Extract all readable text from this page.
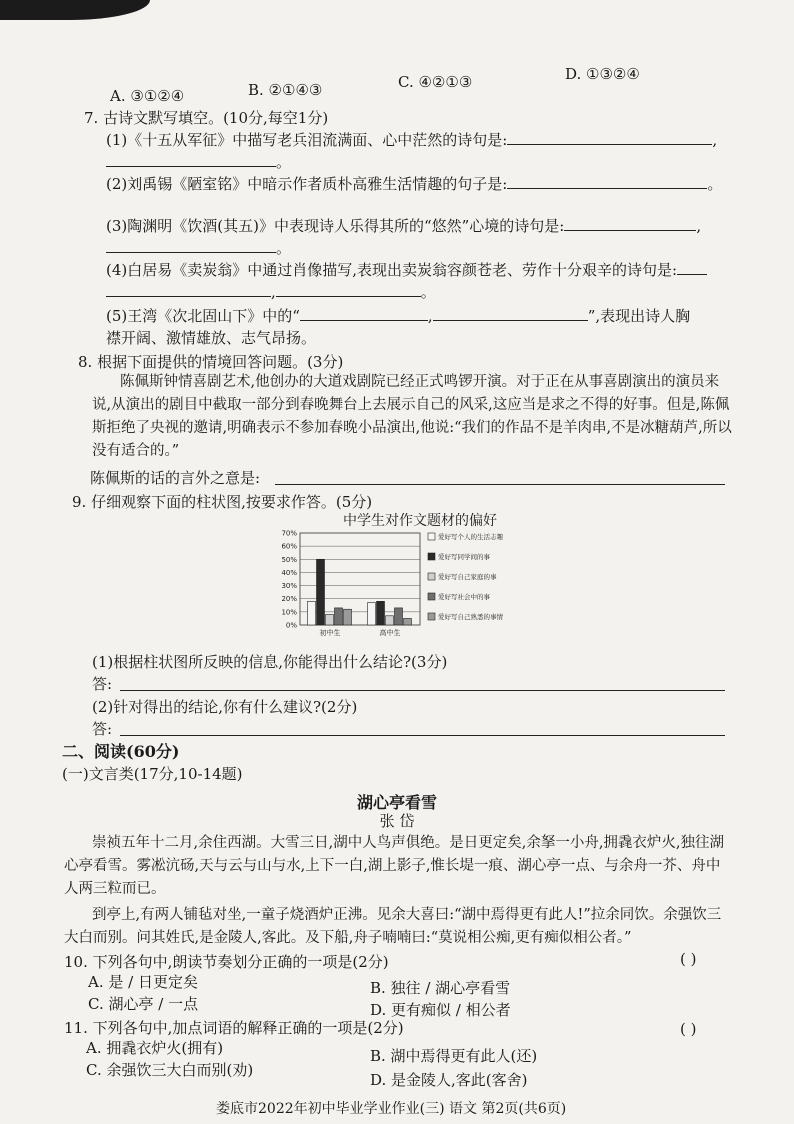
A. ③①②④	B. ②①④③	C. ④②①③	D. ①③②④
7. 古诗文默写填空。(10分,每空1分)
(1)《十五从军征》中描写老兵泪流满面、心中茫然的诗句是:	,
。
(2)刘禹锡《陋室铭》中暗示作者质朴高雅生活情趣的句子是:	。
(3)陶渊明《饮酒(其五)》中表现诗人乐得其所的“悠然”心境的诗句是:	,
。
(4)白居易《卖炭翁》中通过肖像描写,表现出卖炭翁容颜苍老、劳作十分艰辛的诗句是:
,	。
(5)王湾《次北固山下》中的“	,	”,表现出诗人胸
襟开阔、激情雄放、志气昂扬。
8. 根据下面提供的情境回答问题。(3分)
陈佩斯钟情喜剧艺术,他创办的大道戏剧院已经正式鸣锣开演。对于正在从事喜剧演出的演员来说,从演出的剧目中截取一部分到春晚舞台上去展示自己的风采,这应当是求之不得的好事。但是,陈佩斯拒绝了央视的邀请,明确表示不参加春晚小品演出,他说:“我们的作品不是羊肉串,不是冰糖葫芦,所以没有适合的。”
陈佩斯的话的言外之意是:
9. 仔细观察下面的柱状图,按要求作答。(5分)
中学生对作文题材的偏好
0%
10%
20%
30%
40%
50%
60%
70%
初中生	高中生
爱好写个人的生活志趣
爱好写同学间的事
爱好写自己家庭的事
爱好写社会中的事
爱好写自己熟悉的事情
(1)根据柱状图所反映的信息,你能得出什么结论?(3分)
答:
(2)针对得出的结论,你有什么建议?(2分)
答:
二、阅读(60分)
(一)文言类(17分,10-14题)
湖心亭看雪
张 岱
崇祯五年十二月,余住西湖。大雪三日,湖中人鸟声俱绝。是日更定矣,余拏一小舟,拥毳衣炉火,独往湖心亭看雪。雾凇沆砀,天与云与山与水,上下一白,湖上影子,惟长堤一痕、湖心亭一点、与余舟一芥、舟中人两三粒而已。
到亭上,有两人铺毡对坐,一童子烧酒炉正沸。见余大喜曰:“湖中焉得更有此人!”拉余同饮。余强饮三大白而别。问其姓氏,是金陵人,客此。及下船,舟子喃喃曰:“莫说相公痴,更有痴似相公者。”
10. 下列各句中,朗读节奏划分正确的一项是(2分)	( )
A. 是 / 日更定矣	B. 独往 / 湖心亭看雪
C. 湖心亭 / 一点	D. 更有痴似 / 相公者
11. 下列各句中,加点词语的解释正确的一项是(2分)	( )
A. 拥毳衣炉火(拥有)	B. 湖中焉得更有此人(还)
C. 余强饮三大白而别(劝)
D. 是金陵人,客此(客舍)
娄底市2022年初中毕业学业作业(三) 语文 第2页(共6页)
